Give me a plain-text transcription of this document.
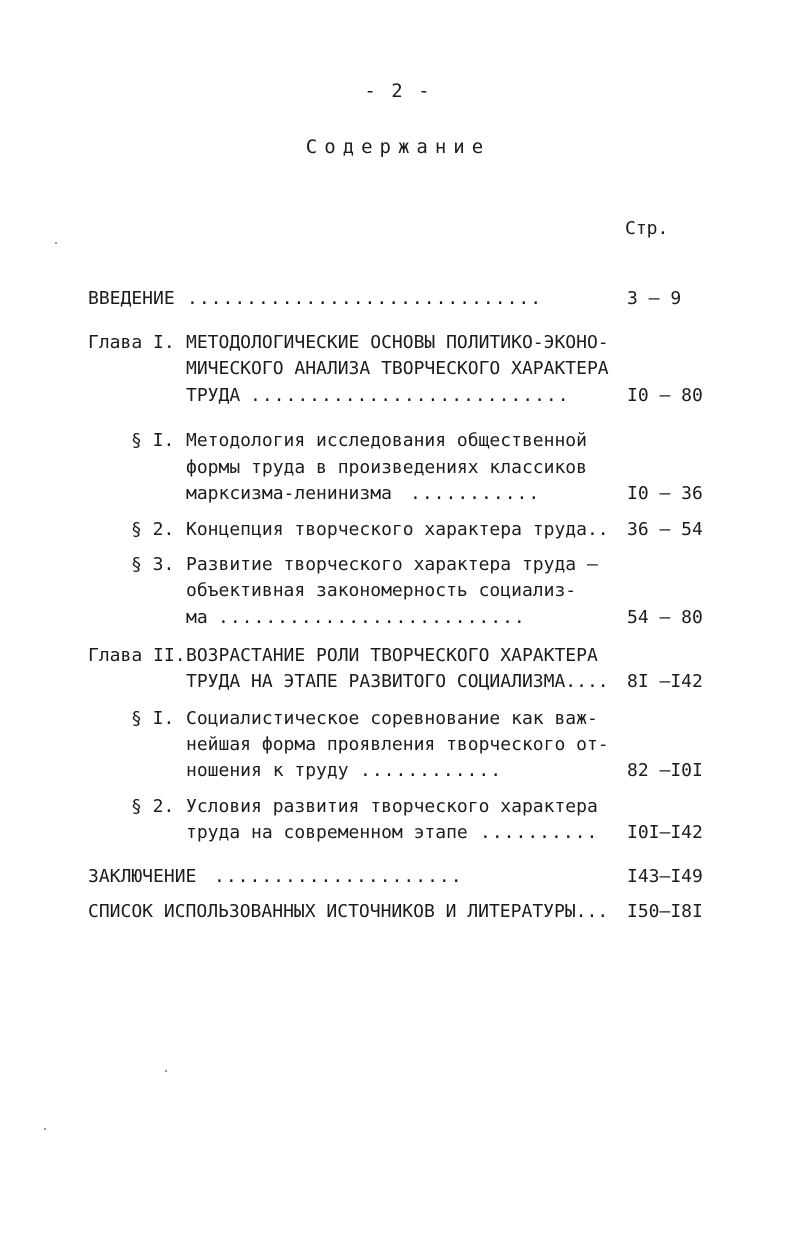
- 2 -
Содержание
Стр.
ВВЕДЕНИЕ ..............................	3 – 9
Глава I. МЕТОДОЛОГИЧЕСКИЕ ОСНОВЫ ПОЛИТИКО-ЭКОНО-
МИЧЕСКОГО АНАЛИЗА ТВОРЧЕСКОГО ХАРАКТЕРА
ТРУДА ...........................	I0 – 80
§ I. Методология исследования общественной
формы труда в произведениях классиков
марксизма-ленинизма ...........	I0 – 36
§ 2. Концепция творческого характера труда.. 36 – 54
§ 3. Развитие творческого характера труда –
объективная закономерность социализ-
ма ..........................	54 – 80
Глава II. ВОЗРАСТАНИЕ РОЛИ ТВОРЧЕСКОГО ХАРАКТЕРА
ТРУДА НА ЭТАПЕ РАЗВИТОГО СОЦИАЛИЗМА.... 8I –I42
§ I. Социалистическое соревнование как важ-
нейшая форма проявления творческого от-
ношения к труду ............	82 –I0I
§ 2. Условия развития творческого характера
труда на современном этапе .......... I0I–I42
ЗАКЛЮЧЕНИЕ .....................	I43–I49
СПИСОК ИСПОЛЬЗОВАННЫХ ИСТОЧНИКОВ И ЛИТЕРАТУРЫ... I50–I8I
